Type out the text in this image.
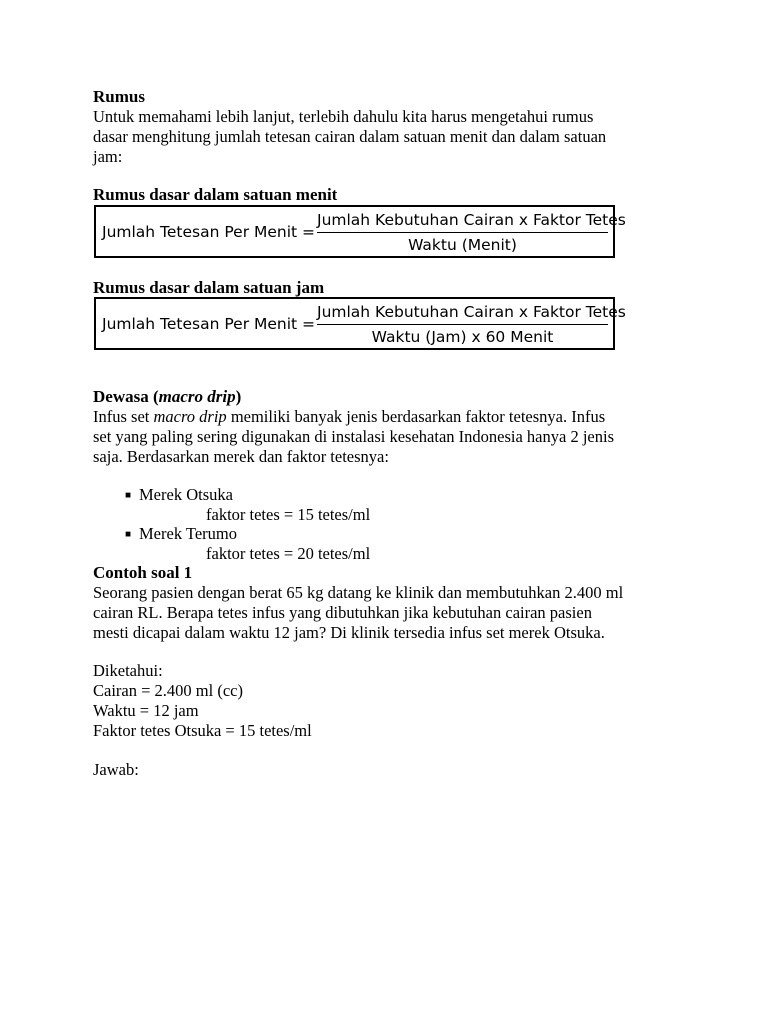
Rumus
Untuk memahami lebih lanjut, terlebih dahulu kita harus mengetahui rumus
dasar menghitung jumlah tetesan cairan dalam satuan menit dan dalam satuan
jam:
Rumus dasar dalam satuan menit
Jumlah Tetesan Per Menit =
Jumlah Kebutuhan Cairan x Faktor Tetes
Waktu (Menit)
Rumus dasar dalam satuan jam
Jumlah Tetesan Per Menit =
Jumlah Kebutuhan Cairan x Faktor Tetes
Waktu (Jam) x 60 Menit
Dewasa (macro drip)
Infus set macro drip memiliki banyak jenis berdasarkan faktor tetesnya. Infus
set yang paling sering digunakan di instalasi kesehatan Indonesia hanya 2 jenis
saja. Berdasarkan merek dan faktor tetesnya:
■ Merek Otsuka
faktor tetes = 15 tetes/ml
■ Merek Terumo
faktor tetes = 20 tetes/ml
Contoh soal 1
Seorang pasien dengan berat 65 kg datang ke klinik dan membutuhkan 2.400 ml
cairan RL. Berapa tetes infus yang dibutuhkan jika kebutuhan cairan pasien
mesti dicapai dalam waktu 12 jam? Di klinik tersedia infus set merek Otsuka.
Diketahui:
Cairan = 2.400 ml (cc)
Waktu = 12 jam
Faktor tetes Otsuka = 15 tetes/ml
Jawab:
